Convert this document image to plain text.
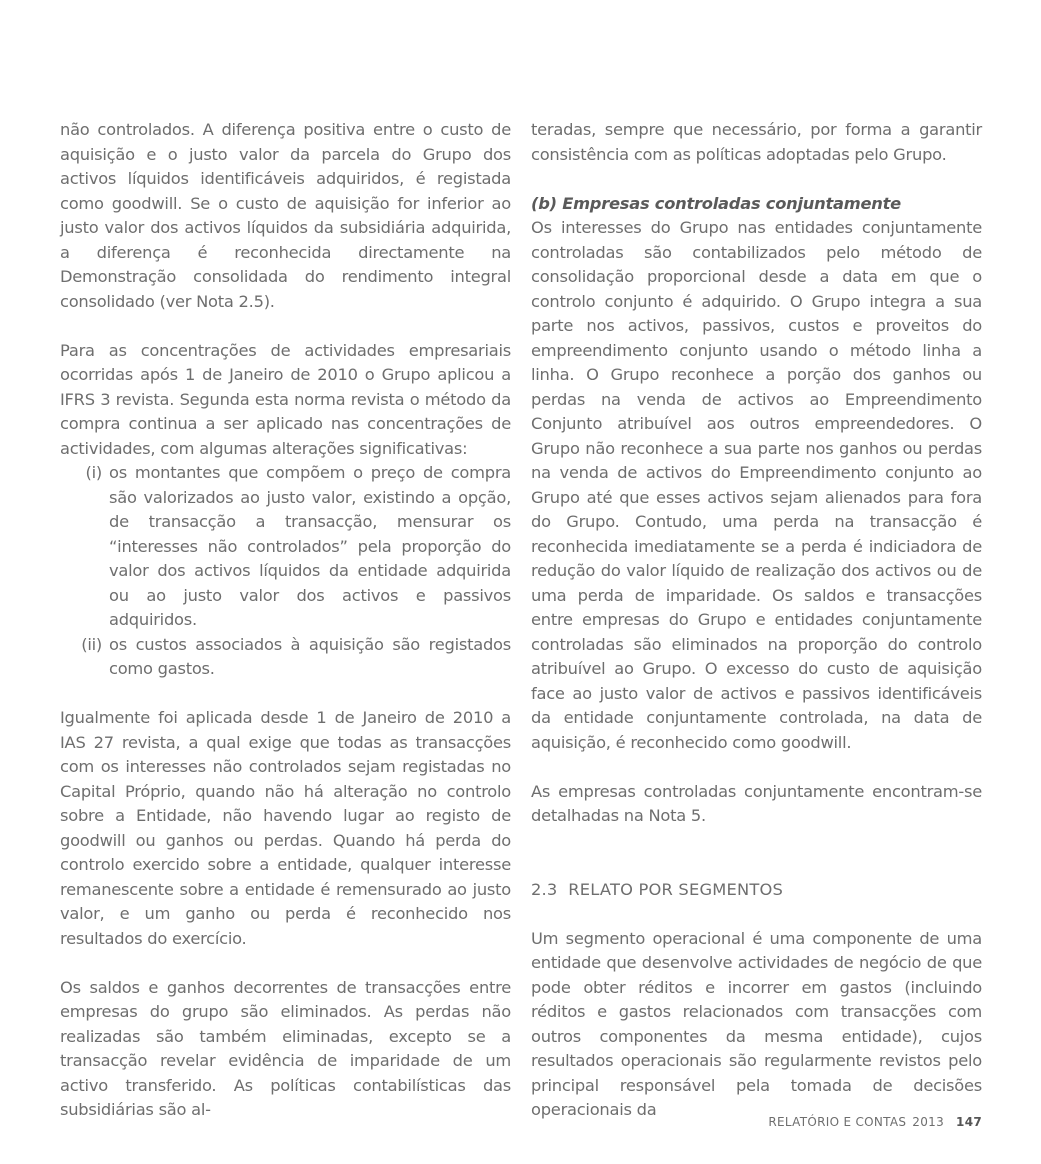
não controlados. A diferença positiva entre o custo de aquisição e o justo valor da parcela do Grupo dos activos líquidos identificáveis adquiridos, é registada como goodwill. Se o custo de aquisição for inferior ao justo valor dos activos líquidos da subsidiária adquirida, a diferença é reconhecida directamente na Demonstração consolidada do rendimento integral consolidado (ver Nota 2.5).

Para as concentrações de actividades empresariais ocorridas após 1 de Janeiro de 2010 o Grupo aplicou a IFRS 3 revista. Segunda esta norma revista o método da compra continua a ser aplicado nas concentrações de actividades, com algumas alterações significativas:

(i) os montantes que compõem o preço de compra são valorizados ao justo valor, existindo a opção, de transacção a transacção, mensurar os “interesses não controlados” pela proporção do valor dos activos líquidos da entidade adquirida ou ao justo valor dos activos e passivos adquiridos.
(ii) os custos associados à aquisição são registados como gastos.

Igualmente foi aplicada desde 1 de Janeiro de 2010 a IAS 27 revista, a qual exige que todas as transacções com os interesses não controlados sejam registadas no Capital Próprio, quando não há alteração no controlo sobre a Entidade, não havendo lugar ao registo de goodwill ou ganhos ou perdas. Quando há perda do controlo exercido sobre a entidade, qualquer interesse remanescente sobre a entidade é remensurado ao justo valor, e um ganho ou perda é reconhecido nos resultados do exercício.

Os saldos e ganhos decorrentes de transacções entre empresas do grupo são eliminados. As perdas não realizadas são também eliminadas, excepto se a transacção revelar evidência de imparidade de um activo transferido. As políticas contabilísticas das subsidiárias são al-

teradas, sempre que necessário, por forma a garantir consistência com as políticas adoptadas pelo Grupo.

(b) Empresas controladas conjuntamente

Os interesses do Grupo nas entidades conjuntamente controladas são contabilizados pelo método de consolidação proporcional desde a data em que o controlo conjunto é adquirido. O Grupo integra a sua parte nos activos, passivos, custos e proveitos do empreendimento conjunto usando o método linha a linha. O Grupo reconhece a porção dos ganhos ou perdas na venda de activos ao Empreendimento Conjunto atribuível aos outros empreendedores. O Grupo não reconhece a sua parte nos ganhos ou perdas na venda de activos do Empreendimento conjunto ao Grupo até que esses activos sejam alienados para fora do Grupo. Contudo, uma perda na transacção é reconhecida imediatamente se a perda é indiciadora de redução do valor líquido de realização dos activos ou de uma perda de imparidade. Os saldos e transacções entre empresas do Grupo e entidades conjuntamente controladas são eliminados na proporção do controlo atribuível ao Grupo. O excesso do custo de aquisição face ao justo valor de activos e passivos identificáveis da entidade conjuntamente controlada, na data de aquisição, é reconhecido como goodwill.

As empresas controladas conjuntamente encontram-se detalhadas na Nota 5.

2.3  RELATO POR SEGMENTOS

Um segmento operacional é uma componente de uma entidade que desenvolve actividades de negócio de que pode obter réditos e incorrer em gastos (incluindo réditos e gastos relacionados com transacções com outros componentes da mesma entidade), cujos resultados operacionais são regularmente revistos pelo principal responsável pela tomada de decisões operacionais da

RELATÓRIO E CONTAS 2013 147
